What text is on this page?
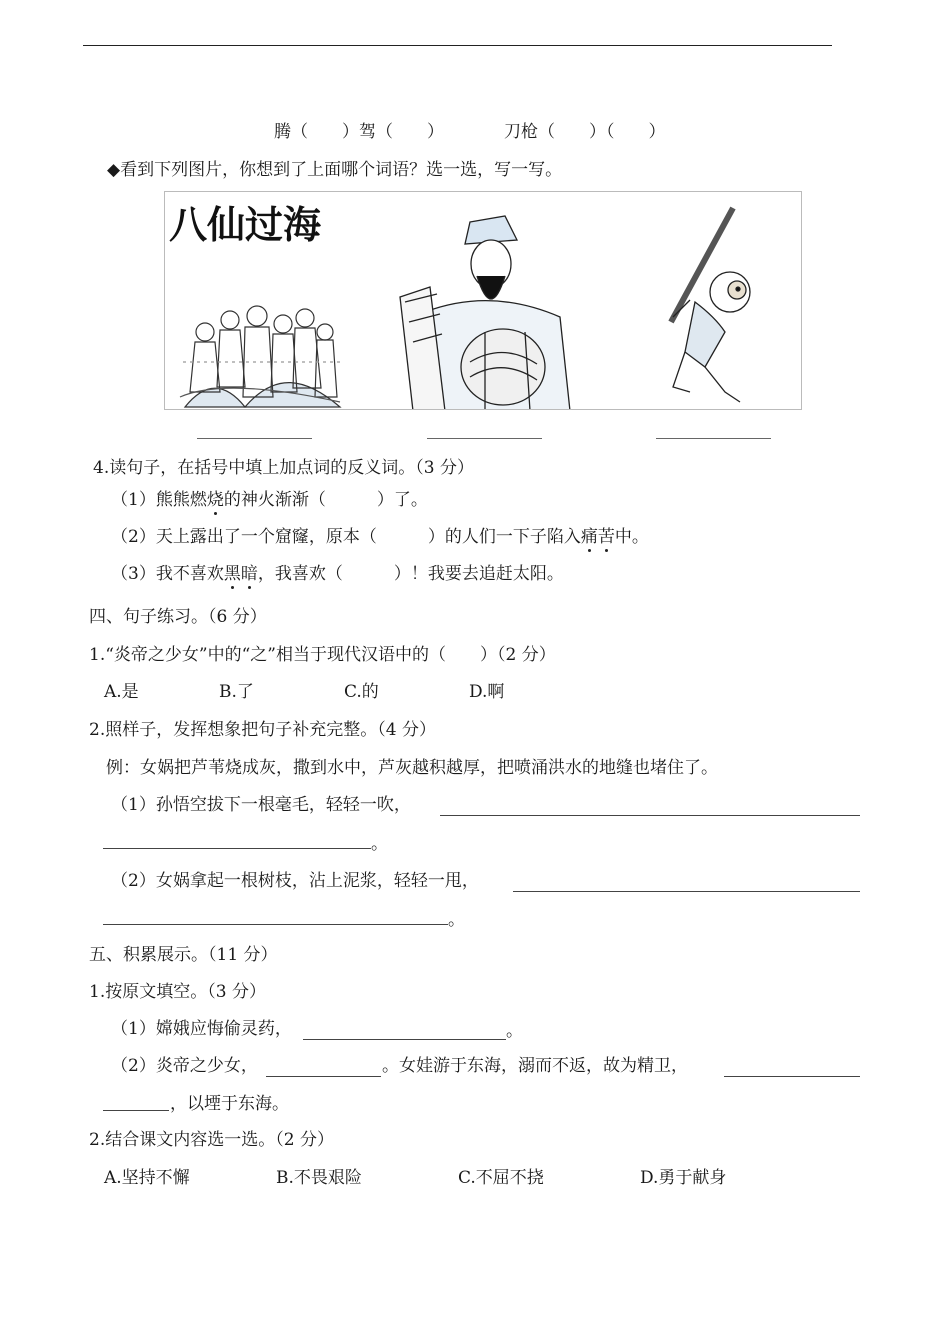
腾（　　）驾（　　）	刀枪（　　）（　　）
◆看到下列图片，你想到了上面哪个词语？选一选，写一写。
八仙过海
4.读句子，在括号中填上加点词的反义词。（3 分）
（1）熊熊燃烧的神火渐渐（　　　）了。
（2）天上露出了一个窟窿，原本（　　　）的人们一下子陷入痛苦中。
（3）我不喜欢黑暗，我喜欢（　　　）！我要去追赶太阳。
四、句子练习。（6 分）
1.“炎帝之少女”中的“之”相当于现代汉语中的（　　）（2 分）
A.是	B.了	C.的	D.啊
2.照样子，发挥想象把句子补充完整。（4 分）
例：女娲把芦苇烧成灰，撒到水中，芦灰越积越厚，把喷涌洪水的地缝也堵住了。
（1）孙悟空拔下一根毫毛，轻轻一吹，
。
（2）女娲拿起一根树枝，沾上泥浆，轻轻一甩，
。
五、积累展示。（11 分）
1.按原文填空。（3 分）
（1）嫦娥应悔偷灵药，	。
（2）炎帝之少女，	。女娃游于东海，溺而不返，故为精卫，
，以堙于东海。
2.结合课文内容选一选。（2 分）
A.坚持不懈	B.不畏艰险	C.不屈不挠	D.勇于献身
